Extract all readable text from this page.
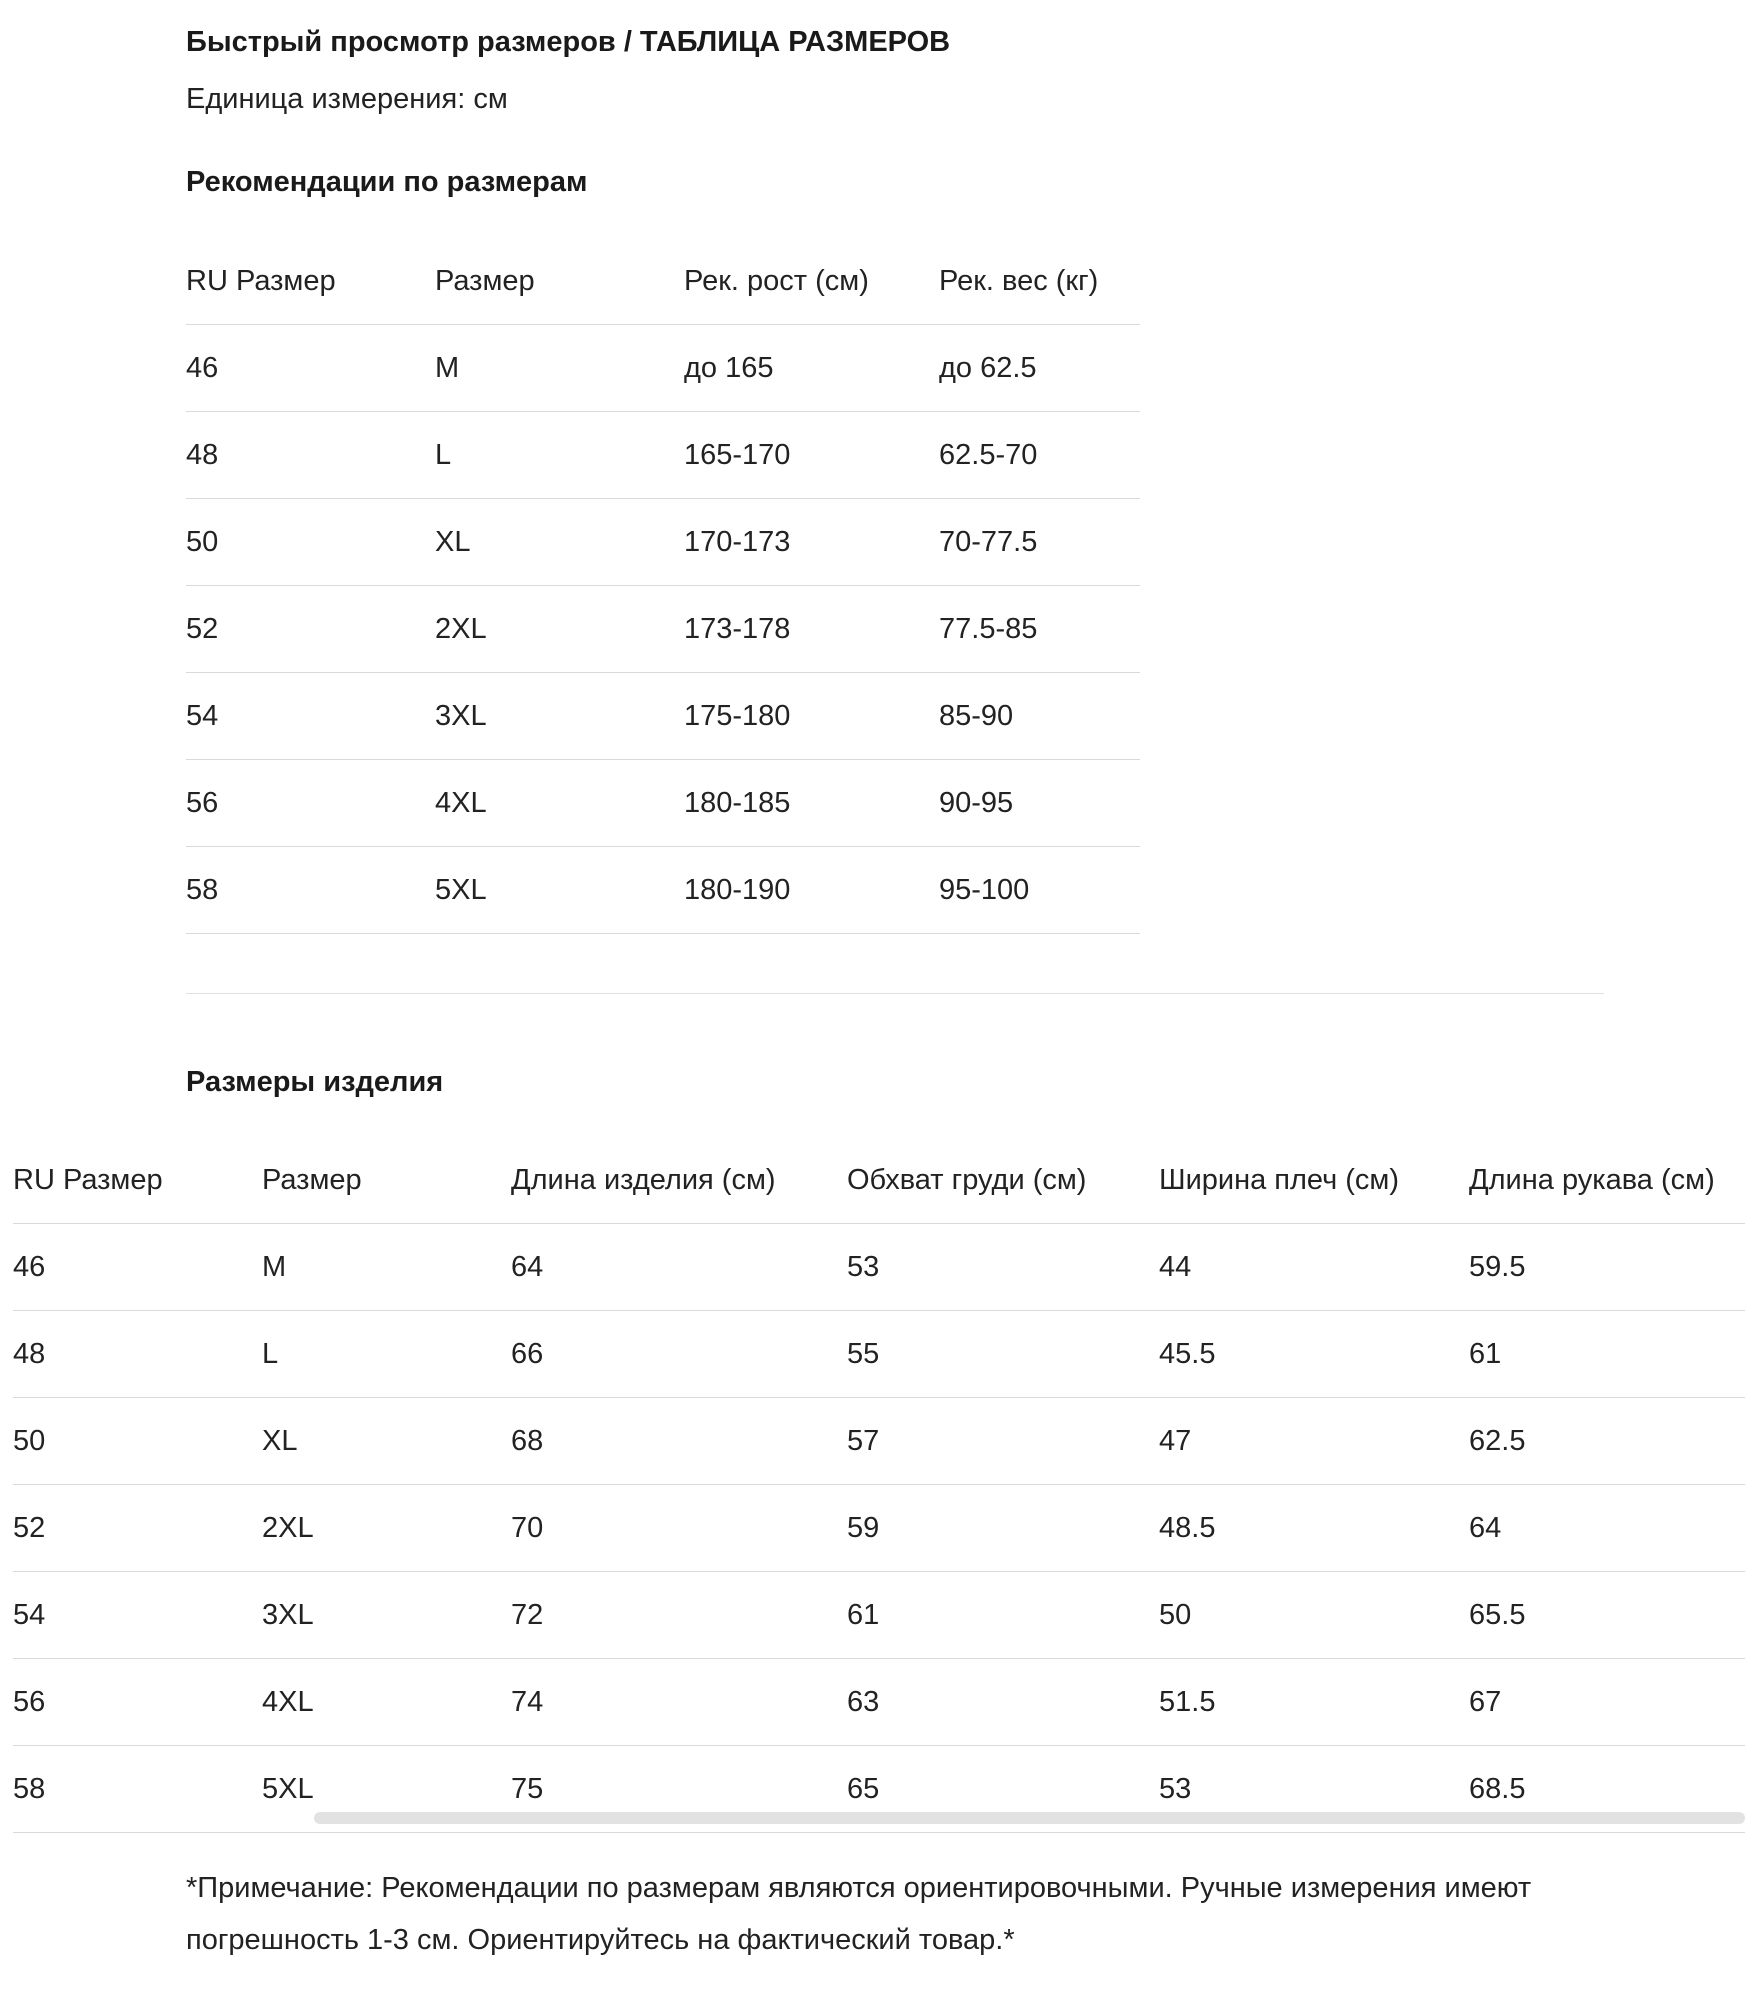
Быстрый просмотр размеров / ТАБЛИЦА РАЗМЕРОВ
Единица измерения: см
Рекомендации по размерам
RU Размер	Размер	Рек. рост (см)	Рек. вес (кг)
46	M	до 165	до 62.5
48	L	165-170	62.5-70
50	XL	170-173	70-77.5
52	2XL	173-178	77.5-85
54	3XL	175-180	85-90
56	4XL	180-185	90-95
58	5XL	180-190	95-100
Размеры изделия
RU Размер	Размер	Длина изделия (см)	Обхват груди (см)	Ширина плеч (см)	Длина рукава (см)
46	M	64	53	44	59.5
48	L	66	55	45.5	61
50	XL	68	57	47	62.5
52	2XL	70	59	48.5	64
54	3XL	72	61	50	65.5
56	4XL	74	63	51.5	67
58	5XL	75	65	53	68.5
*Примечание: Рекомендации по размерам являются ориентировочными. Ручные измерения имеют погрешность 1-3 см. Ориентируйтесь на фактический товар.*
